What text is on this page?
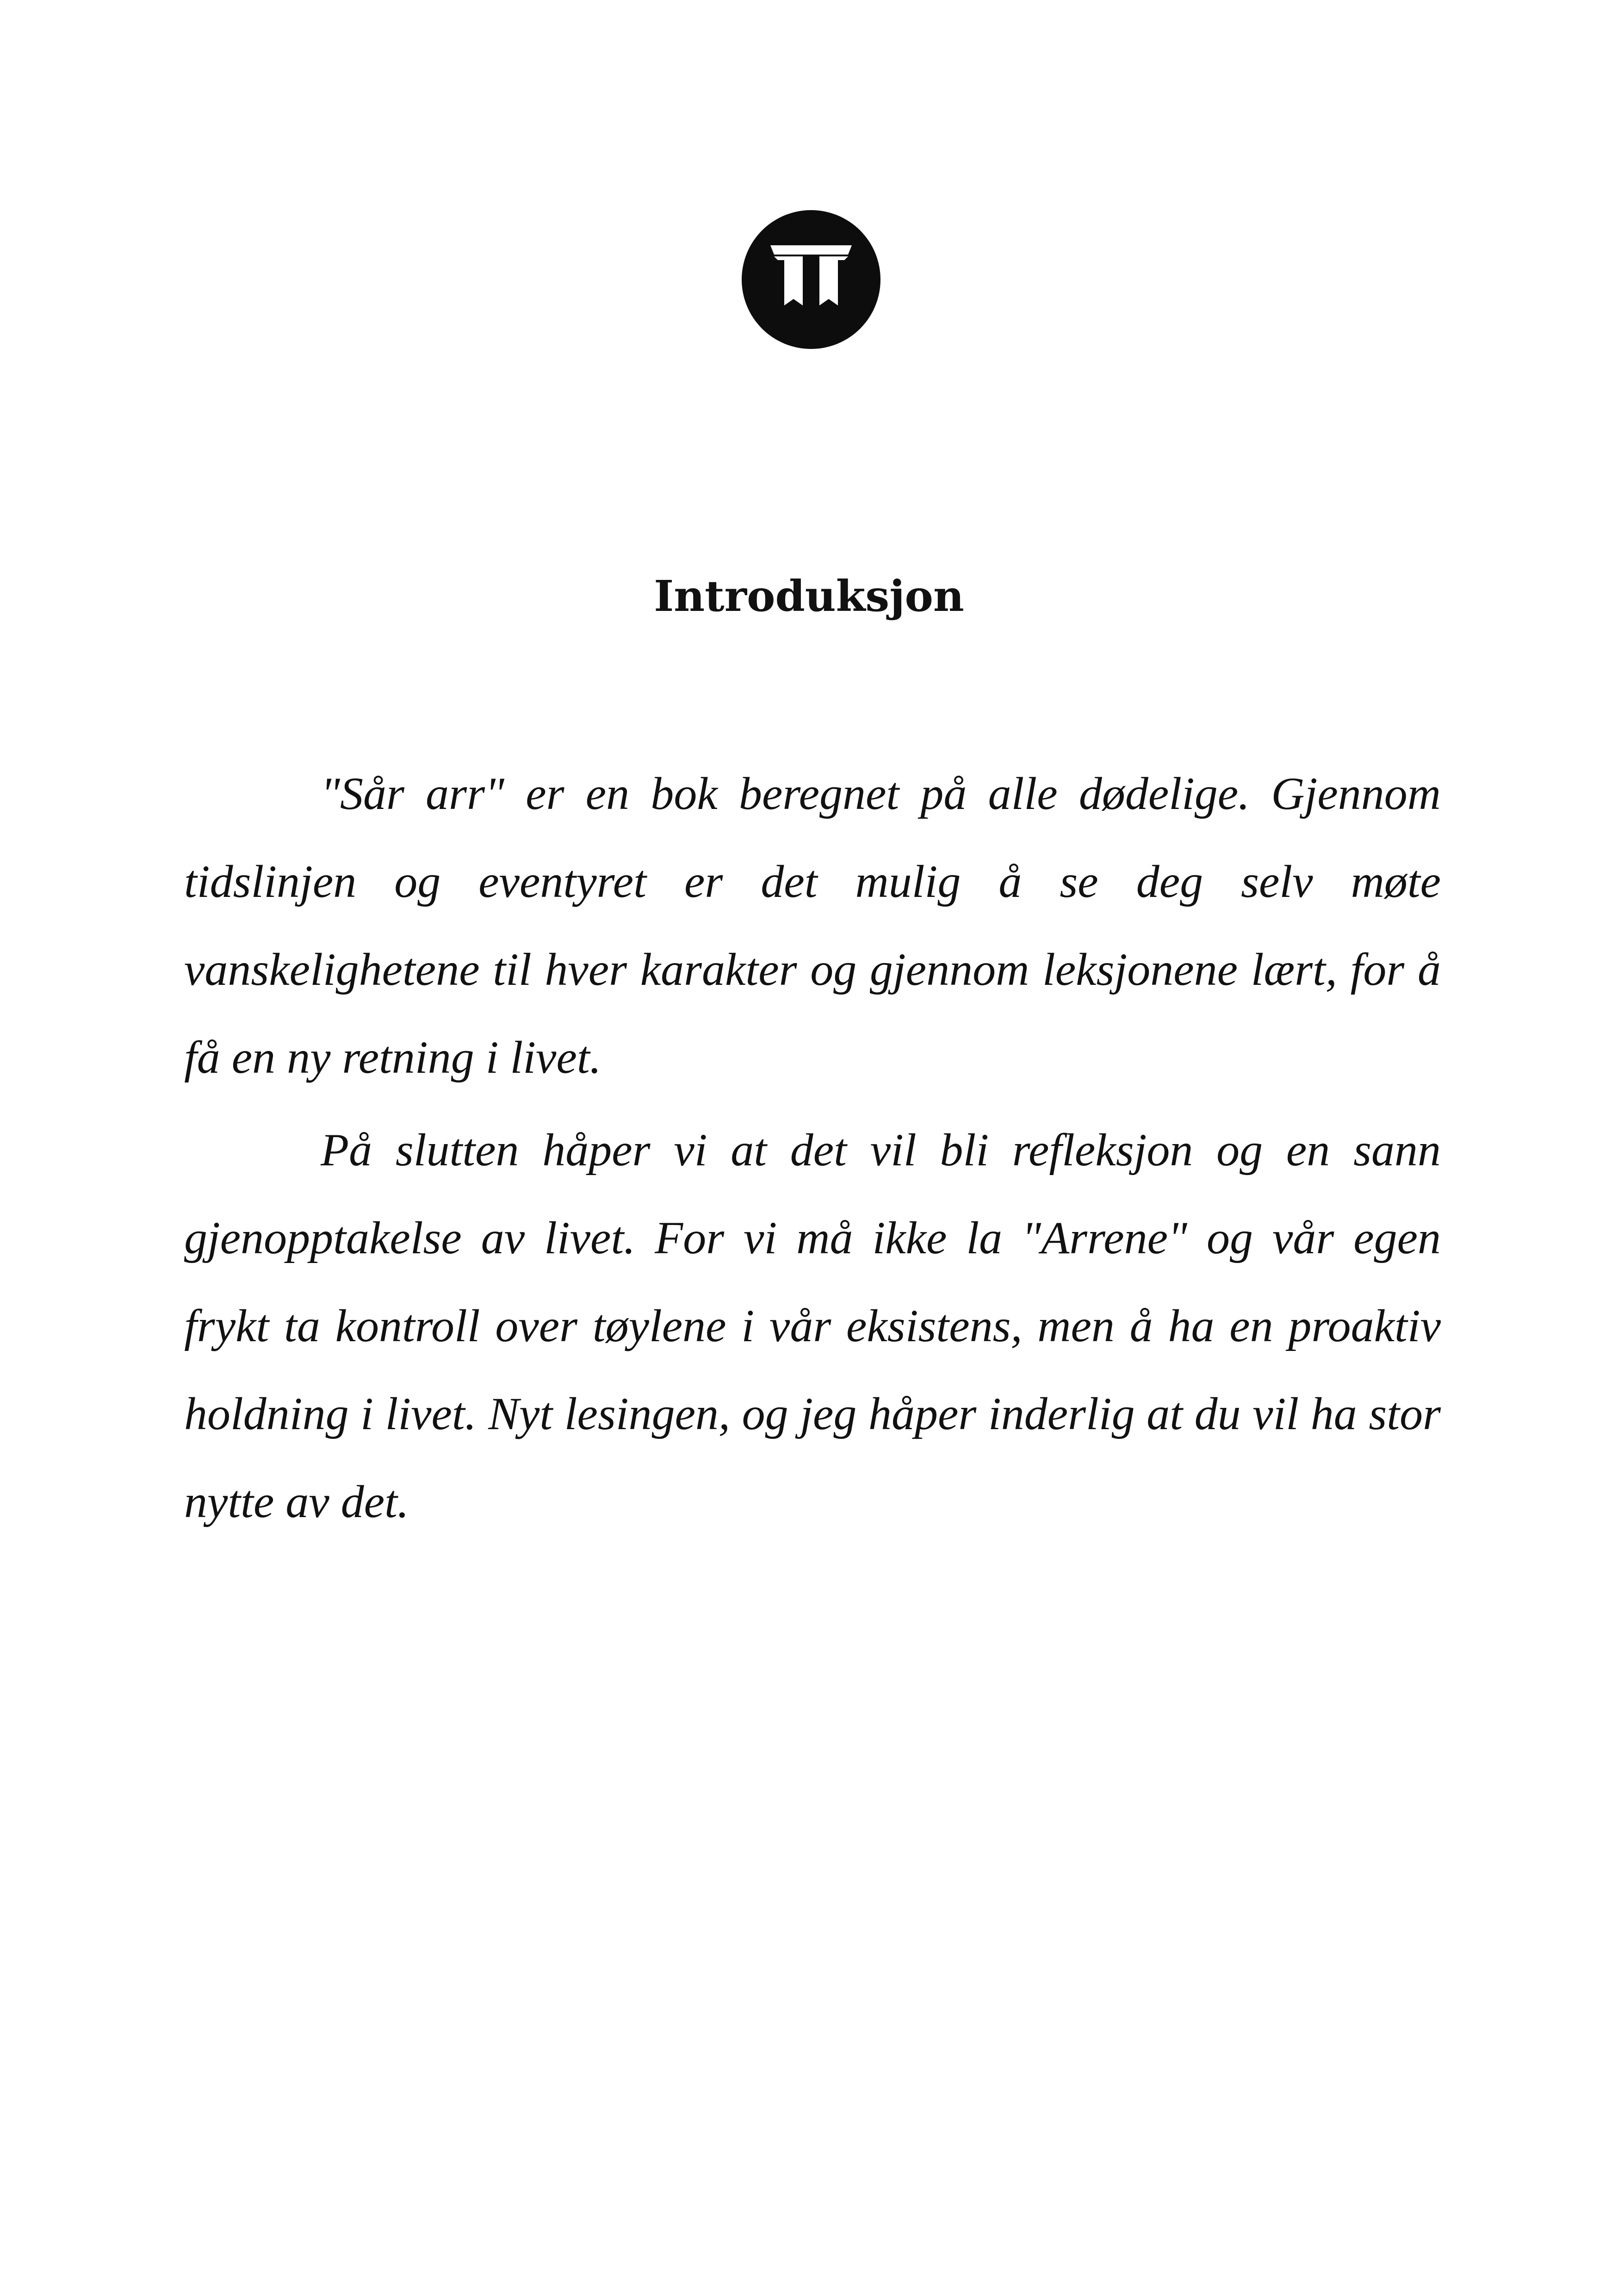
Introduksjon

"Sår arr" er en bok beregnet på alle dødelige. Gjennom tidslinjen og eventyret er det mulig å se deg selv møte vanskelighetene til hver karakter og gjennom leksjonene lært, for å få en ny retning i livet.

På slutten håper vi at det vil bli refleksjon og en sann gjenopptakelse av livet. For vi må ikke la "Arrene" og vår egen frykt ta kontroll over tøylene i vår eksistens, men å ha en proaktiv holdning i livet. Nyt lesingen, og jeg håper inderlig at du vil ha stor nytte av det.
